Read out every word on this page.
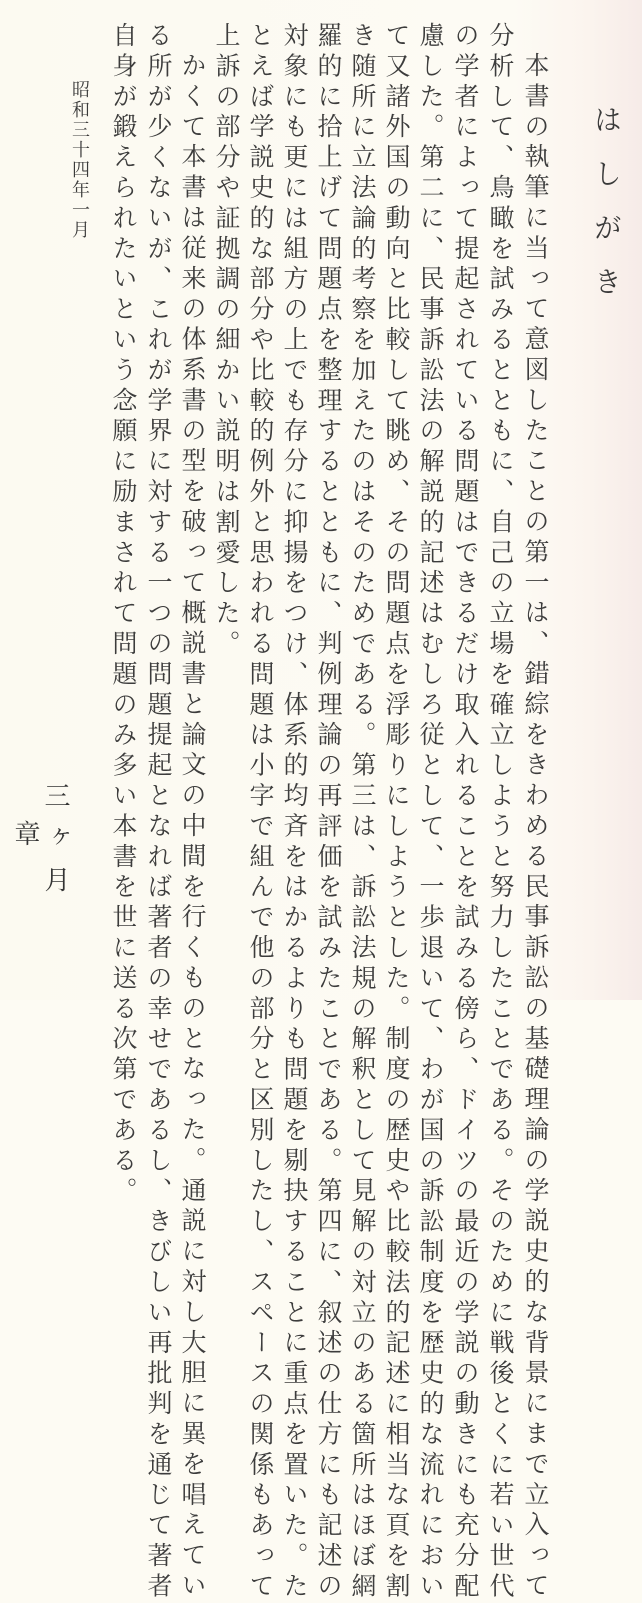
はしがき
本書の執筆に当って意図したことの第一は、錯綜をきわめる民事訴訟の基礎理論の学説史的な背景にまで立入って
分析して、鳥瞰を試みるとともに、自己の立場を確立しようと努力したことである。そのために戦後とくに若い世代
の学者によって提起されている問題はできるだけ取入れることを試みる傍ら、ドイツの最近の学説の動きにも充分配
慮した。第二に、民事訴訟法の解説的記述はむしろ従として、一歩退いて、わが国の訴訟制度を歴史的な流れにおい
て又諸外国の動向と比較して眺め、その問題点を浮彫りにしようとした。制度の歴史や比較法的記述に相当な頁を割
き随所に立法論的考察を加えたのはそのためである。第三は、訴訟法規の解釈として見解の対立のある箇所はほぼ網
羅的に拾上げて問題点を整理するとともに、判例理論の再評価を試みたことである。第四に、叙述の仕方にも記述の
対象にも更には組方の上でも存分に抑揚をつけ、体系的均斉をはかるよりも問題を剔抉することに重点を置いた。た
とえば学説史的な部分や比較的例外と思われる問題は小字で組んで他の部分と区別したし、スペースの関係もあって
上訴の部分や証拠調の細かい説明は割愛した。
かくて本書は従来の体系書の型を破って概説書と論文の中間を行くものとなった。通説に対し大胆に異を唱えてい
る所が少くないが、これが学界に対する一つの問題提起となれば著者の幸せであるし、きびしい再批判を通じて著者
自身が鍛えられたいという念願に励まされて問題のみ多い本書を世に送る次第である。
昭和三十四年一月
三ヶ月
章
